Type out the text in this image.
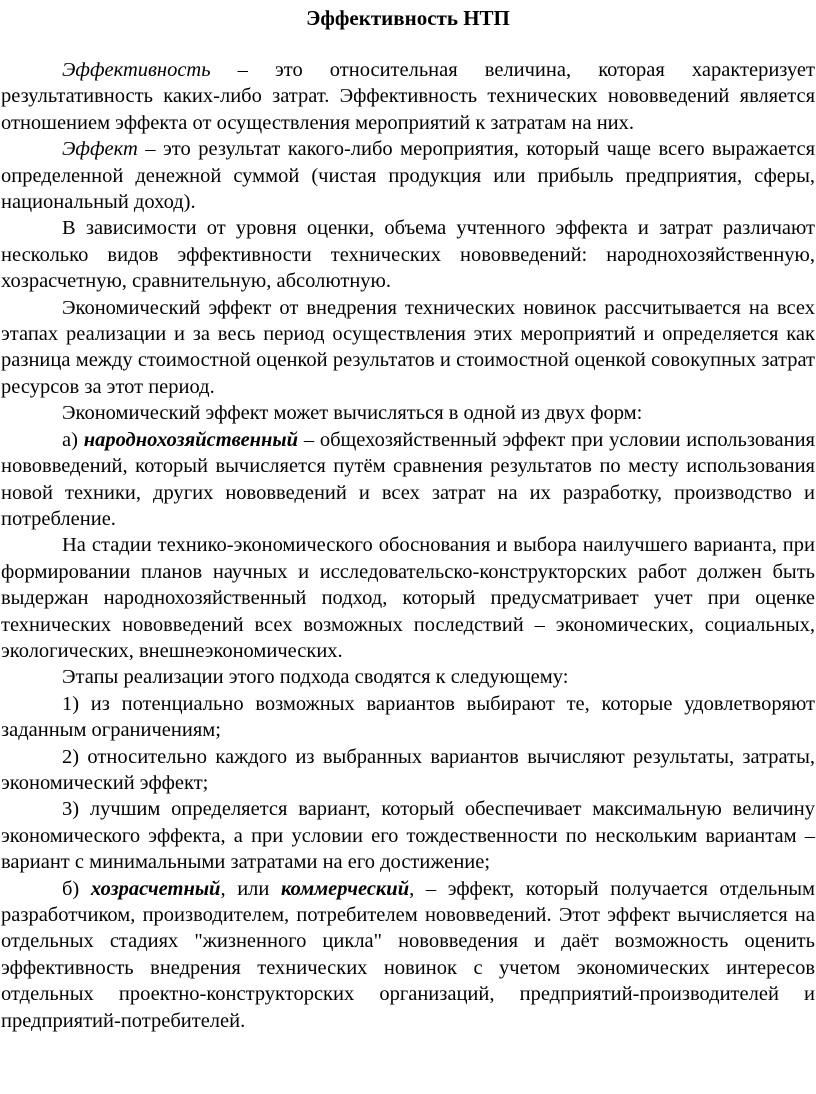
Эффективность НТП

Эффективность – это относительная величина, которая характеризует результативность каких-либо затрат. Эффективность технических нововведений является отношением эффекта от осуществления мероприятий к затратам на них.

Эффект – это результат какого-либо мероприятия, который чаще всего выражается определенной денежной суммой (чистая продукция или прибыль предприятия, сферы, национальный доход).

В зависимости от уровня оценки, объема учтенного эффекта и затрат различают несколько видов эффективности технических нововведений: народнохозяйственную, хозрасчетную, сравнительную, абсолютную.

Экономический эффект от внедрения технических новинок рассчитывается на всех этапах реализации и за весь период осуществления этих мероприятий и определяется как разница между стоимостной оценкой результатов и стоимостной оценкой совокупных затрат ресурсов за этот период.

Экономический эффект может вычисляться в одной из двух форм:

а) народнохозяйственный – общехозяйственный эффект при условии использования нововведений, который вычисляется путём сравнения результатов по месту использования новой техники, других нововведений и всех затрат на их разработку, производство и потребление.

На стадии технико-экономического обоснования и выбора наилучшего варианта, при формировании планов научных и исследовательско-конструкторских работ должен быть выдержан народнохозяйственный подход, который предусматривает учет при оценке технических нововведений всех возможных последствий – экономических, социальных, экологических, внешнеэкономических.

Этапы реализации этого подхода сводятся к следующему:

1) из потенциально возможных вариантов выбирают те, которые удовлетворяют заданным ограничениям;

2) относительно каждого из выбранных вариантов вычисляют результаты, затраты, экономический эффект;

3) лучшим определяется вариант, который обеспечивает максимальную величину экономического эффекта, а при условии его тождественности по нескольким вариантам – вариант с минимальными затратами на его достижение;

б) хозрасчетный, или коммерческий, – эффект, который получается отдельным разработчиком, производителем, потребителем нововведений. Этот эффект вычисляется на отдельных стадиях "жизненного цикла" нововведения и даёт возможность оценить эффективность внедрения технических новинок с учетом экономических интересов отдельных проектно-конструкторских организаций, предприятий-производителей и предприятий-потребителей.
